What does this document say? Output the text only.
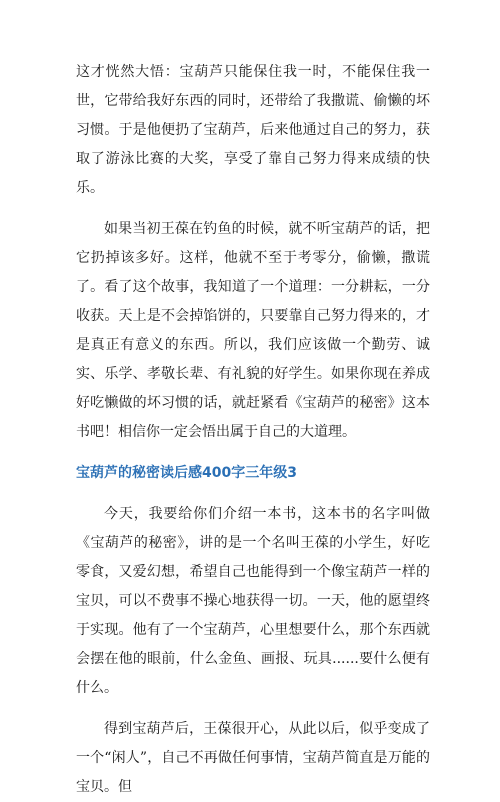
这才恍然大悟：宝葫芦只能保住我一时，不能保住我一世，它带给我好东西的同时，还带给了我撒谎、偷懒的坏习惯。于是他便扔了宝葫芦，后来他通过自己的努力，获取了游泳比赛的大奖，享受了靠自己努力得来成绩的快乐。

如果当初王葆在钓鱼的时候，就不听宝葫芦的话，把它扔掉该多好。这样，他就不至于考零分，偷懒，撒谎了。看了这个故事，我知道了一个道理：一分耕耘，一分收获。天上是不会掉馅饼的，只要靠自己努力得来的，才是真正有意义的东西。所以，我们应该做一个勤劳、诚实、乐学、孝敬长辈、有礼貌的好学生。如果你现在养成好吃懒做的坏习惯的话，就赶紧看《宝葫芦的秘密》这本书吧！相信你一定会悟出属于自己的大道理。

宝葫芦的秘密读后感400字三年级3

今天，我要给你们介绍一本书，这本书的名字叫做《宝葫芦的秘密》，讲的是一个名叫王葆的小学生，好吃零食，又爱幻想，希望自己也能得到一个像宝葫芦一样的宝贝，可以不费事不操心地获得一切。一天，他的愿望终于实现。他有了一个宝葫芦，心里想要什么，那个东西就会摆在他的眼前，什么金鱼、画报、玩具......要什么便有什么。

得到宝葫芦后，王葆很开心，从此以后，似乎变成了一个“闲人”，自己不再做任何事情，宝葫芦简直是万能的宝贝。但
